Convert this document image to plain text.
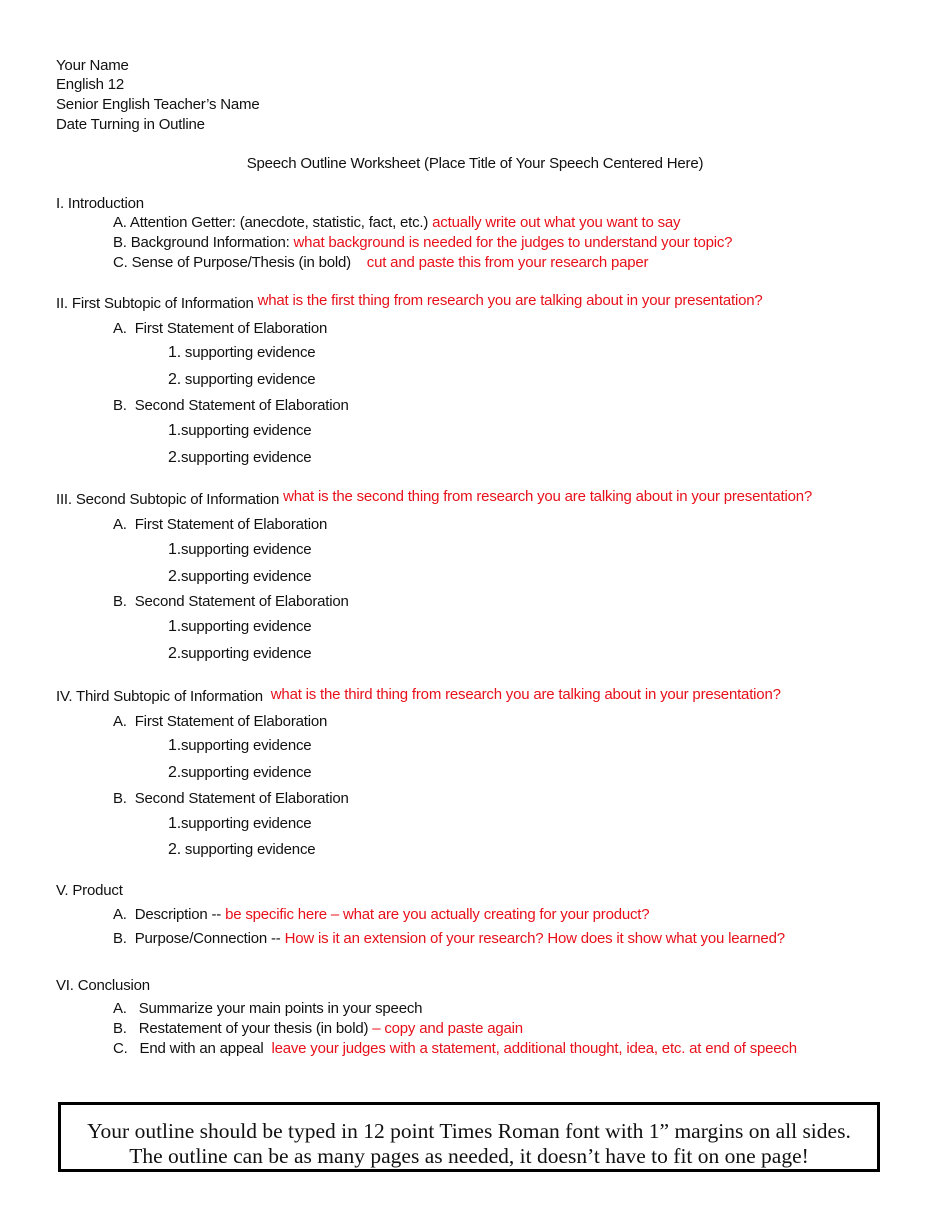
Your Name
English 12
Senior English Teacher’s Name
Date Turning in Outline
Speech Outline Worksheet (Place Title of Your Speech Centered Here)
I. Introduction
A. Attention Getter: (anecdote, statistic, fact, etc.) actually write out what you want to say
B. Background Information: what background is needed for the judges to understand your topic?
C. Sense of Purpose/Thesis (in bold) cut and paste this from your research paper
II. First Subtopic of Information what is the first thing from research you are talking about in your presentation?
A. First Statement of Elaboration
1. supporting evidence
2. supporting evidence
B. Second Statement of Elaboration
1.supporting evidence
2.supporting evidence
III. Second Subtopic of Information what is the second thing from research you are talking about in your presentation?
A. First Statement of Elaboration
1.supporting evidence
2.supporting evidence
B. Second Statement of Elaboration
1.supporting evidence
2.supporting evidence
IV. Third Subtopic of Information what is the third thing from research you are talking about in your presentation?
A. First Statement of Elaboration
1.supporting evidence
2.supporting evidence
B. Second Statement of Elaboration
1.supporting evidence
2. supporting evidence
V. Product
A. Description -- be specific here – what are you actually creating for your product?
B. Purpose/Connection -- How is it an extension of your research? How does it show what you learned?
VI. Conclusion
A. Summarize your main points in your speech
B. Restatement of your thesis (in bold) – copy and paste again
C. End with an appeal leave your judges with a statement, additional thought, idea, etc. at end of speech
Your outline should be typed in 12 point Times Roman font with 1” margins on all sides.
The outline can be as many pages as needed, it doesn’t have to fit on one page!
